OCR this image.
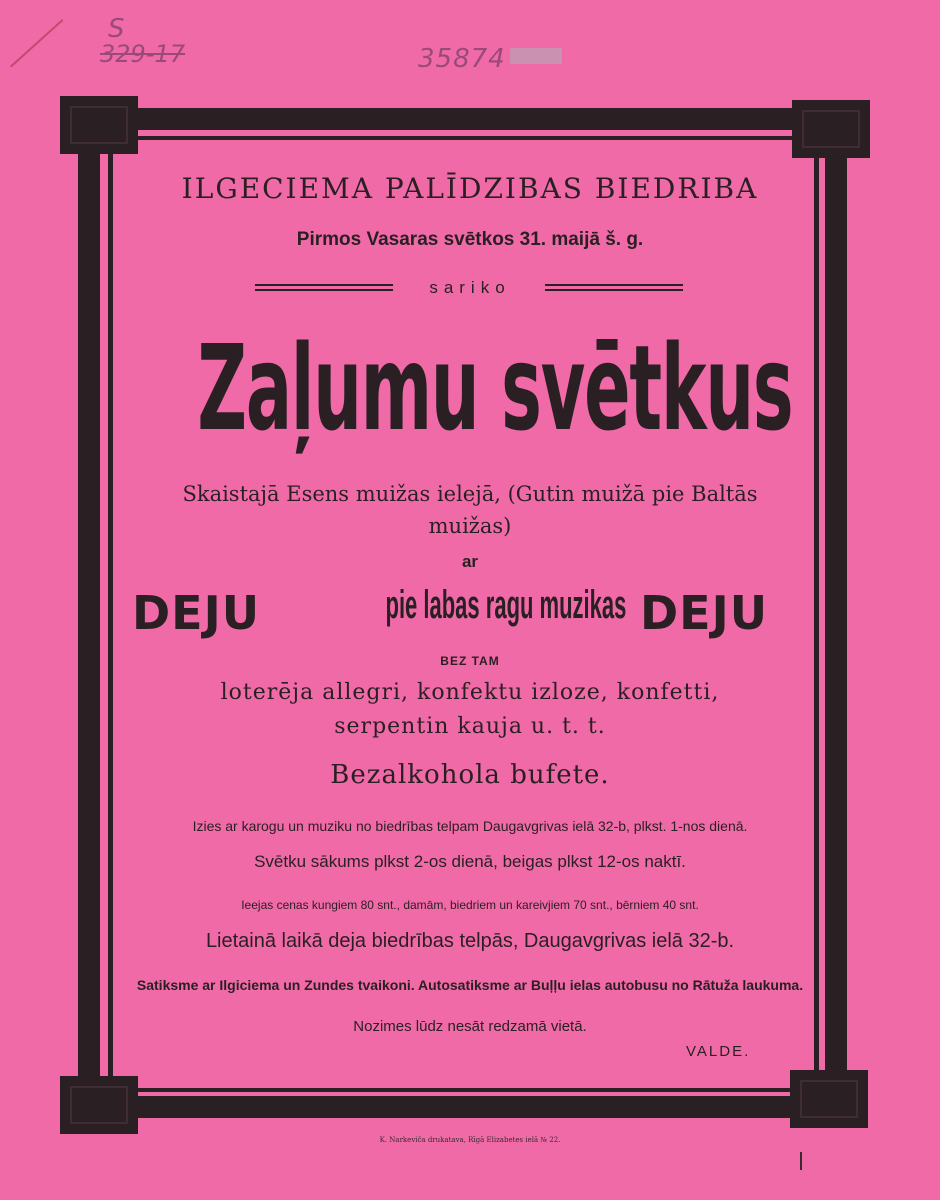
S
329-17	35874
ILGECIEMA PALĪDZIBAS BIEDRIBA
Pirmos Vasaras svētkos 31. maijā š. g.
sariko
Zaļumu svētkus
Skaistajā Esens muižas ielejā, (Gutin muižā pie Baltās muižas)
ar
DEJU	pie labas ragu muzikas DEJU
BEZ TAM
loterēja allegri, konfektu izloze, konfetti, serpentin kauja u. t. t.
Bezalkohola bufete.
Izies ar karogu un muziku no biedrības telpam Daugavgrivas ielā 32-b, plkst. 1-nos dienā.
Svētku sākums plkst 2-os dienā, beigas plkst 12-os naktī.
Ieejas cenas kungiem 80 snt., damām, biedriem un kareivjiem 70 snt., bērniem 40 snt.
Lietainā laikā deja biedrības telpās, Daugavgrivas ielā 32-b.
Satiksme ar Ilgiciema un Zundes tvaikoni. Autosatiksme ar Buļļu ielas autobusu no Rātuža laukuma.
Nozimes lūdz nesāt redzamā vietā.
VALDE.
K. Narkeviča drukatava, Rīgā Elizabetes ielā № 22.
